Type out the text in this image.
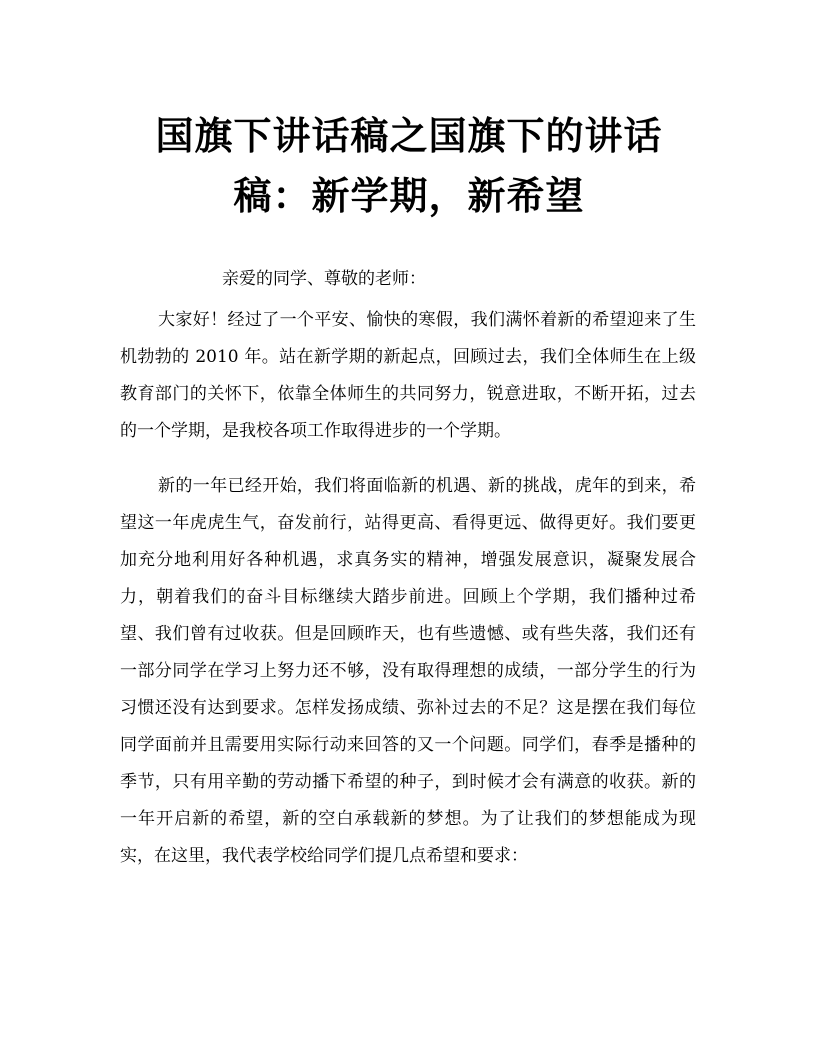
国旗下讲话稿之国旗下的讲话稿：新学期，新希望

亲爱的同学、尊敬的老师：

大家好！经过了一个平安、愉快的寒假，我们满怀着新的希望迎来了生机勃勃的 2010 年。站在新学期的新起点，回顾过去，我们全体师生在上级教育部门的关怀下，依靠全体师生的共同努力，锐意进取，不断开拓，过去的一个学期，是我校各项工作取得进步的一个学期。

新的一年已经开始，我们将面临新的机遇、新的挑战，虎年的到来，希望这一年虎虎生气，奋发前行，站得更高、看得更远、做得更好。我们要更加充分地利用好各种机遇，求真务实的精神，增强发展意识，凝聚发展合力，朝着我们的奋斗目标继续大踏步前进。回顾上个学期，我们播种过希望、我们曾有过收获。但是回顾昨天，也有些遗憾、或有些失落，我们还有一部分同学在学习上努力还不够，没有取得理想的成绩，一部分学生的行为习惯还没有达到要求。怎样发扬成绩、弥补过去的不足？这是摆在我们每位同学面前并且需要用实际行动来回答的又一个问题。同学们，春季是播种的季节，只有用辛勤的劳动播下希望的种子，到时候才会有满意的收获。新的一年开启新的希望，新的空白承载新的梦想。为了让我们的梦想能成为现实，在这里，我代表学校给同学们提几点希望和要求：
